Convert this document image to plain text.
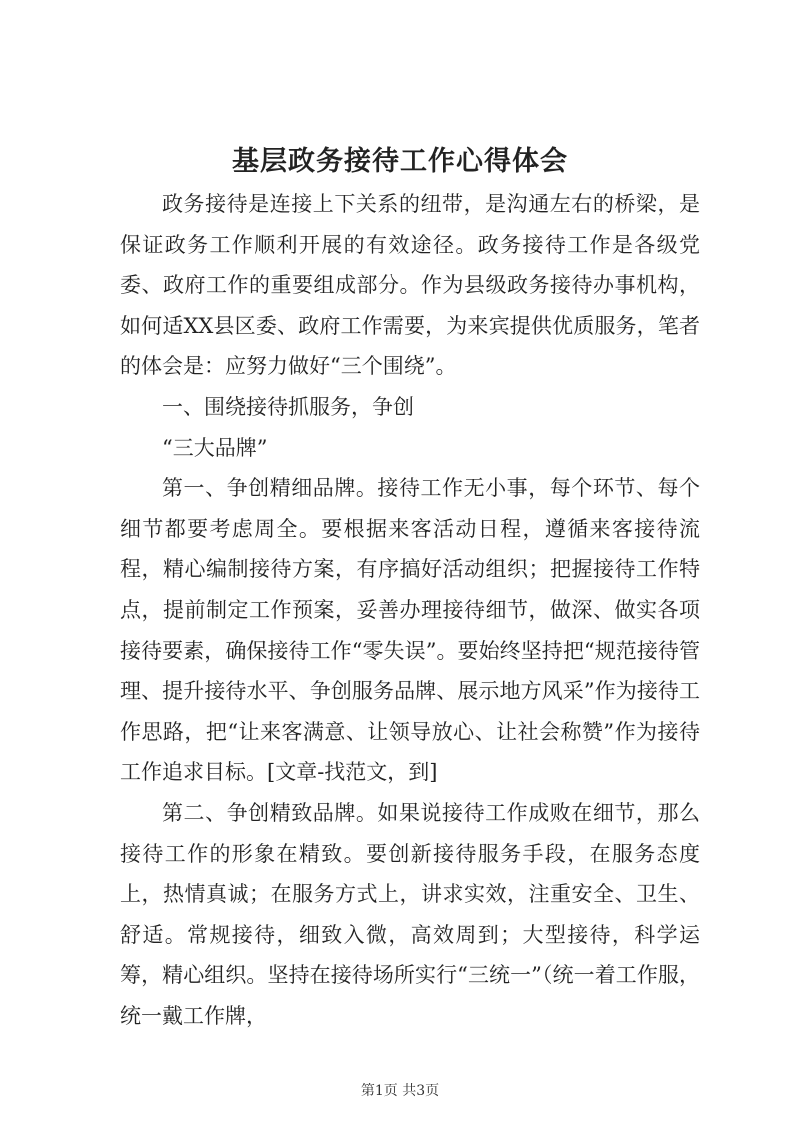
基层政务接待工作心得体会

政务接待是连接上下关系的纽带，是沟通左右的桥梁，是保证政务工作顺利开展的有效途径。政务接待工作是各级党委、政府工作的重要组成部分。作为县级政务接待办事机构，如何适XX县区委、政府工作需要，为来宾提供优质服务，笔者的体会是：应努力做好“三个围绕”。

一、围绕接待抓服务，争创

“三大品牌”

第一、争创精细品牌。接待工作无小事，每个环节、每个细节都要考虑周全。要根据来客活动日程，遵循来客接待流程，精心编制接待方案，有序搞好活动组织；把握接待工作特点，提前制定工作预案，妥善办理接待细节，做深、做实各项接待要素，确保接待工作“零失误”。要始终坚持把“规范接待管理、提升接待水平、争创服务品牌、展示地方风采”作为接待工作思路，把“让来客满意、让领导放心、让社会称赞”作为接待工作追求目标。[文章-找范文，到]

第二、争创精致品牌。如果说接待工作成败在细节，那么接待工作的形象在精致。要创新接待服务手段，在服务态度上，热情真诚；在服务方式上，讲求实效，注重安全、卫生、舒适。常规接待，细致入微，高效周到；大型接待，科学运筹，精心组织。坚持在接待场所实行“三统一”（统一着工作服，统一戴工作牌，

第1页 共3页
